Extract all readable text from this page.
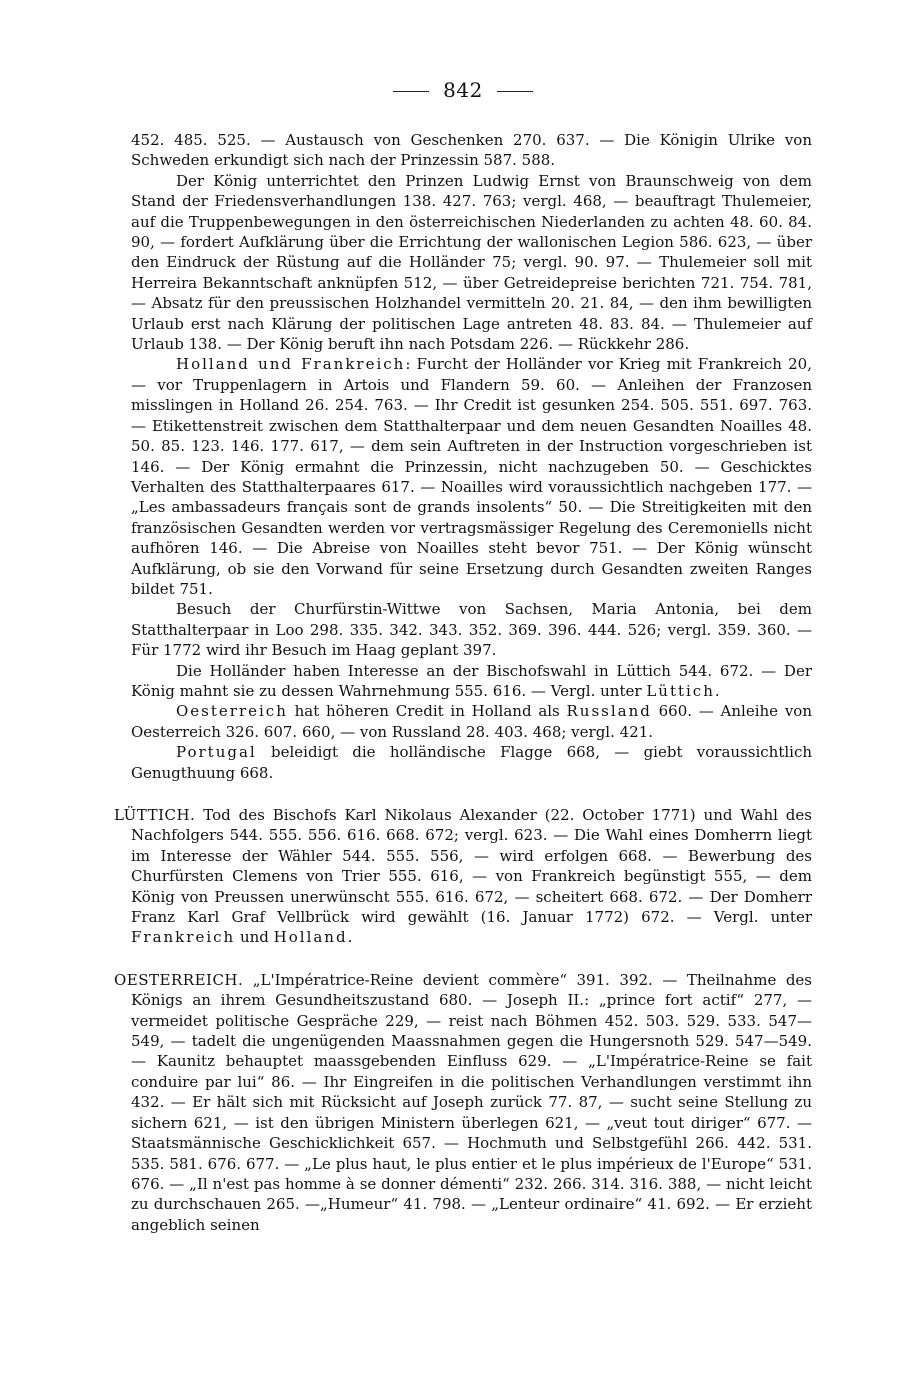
842

452. 485. 525. — Austausch von Geschenken 270. 637. — Die Königin Ulrike von Schweden erkundigt sich nach der Prinzessin 587. 588.

Der König unterrichtet den Prinzen Ludwig Ernst von Braunschweig von dem Stand der Friedensverhandlungen 138. 427. 763; vergl. 468, — beauftragt Thulemeier, auf die Truppenbewegungen in den österreichischen Niederlanden zu achten 48. 60. 84. 90, — fordert Aufklärung über die Errichtung der wallonischen Legion 586. 623, — über den Eindruck der Rüstung auf die Holländer 75; vergl. 90. 97. — Thulemeier soll mit Herreira Bekanntschaft anknüpfen 512, — über Getreidepreise berichten 721. 754. 781, — Absatz für den preussischen Holzhandel vermitteln 20. 21. 84, — den ihm bewilligten Urlaub erst nach Klärung der politischen Lage antreten 48. 83. 84. — Thulemeier auf Urlaub 138. — Der König beruft ihn nach Potsdam 226. — Rückkehr 286.

Holland und Frankreich: Furcht der Holländer vor Krieg mit Frankreich 20, — vor Truppenlagern in Artois und Flandern 59. 60. — Anleihen der Franzosen misslingen in Holland 26. 254. 763. — Ihr Credit ist gesunken 254. 505. 551. 697. 763. — Etikettenstreit zwischen dem Statthalterpaar und dem neuen Gesandten Noailles 48. 50. 85. 123. 146. 177. 617, — dem sein Auftreten in der Instruction vorgeschrieben ist 146. — Der König ermahnt die Prinzessin, nicht nachzugeben 50. — Geschicktes Verhalten des Statthalterpaares 617. — Noailles wird voraussichtlich nachgeben 177. — „Les ambassadeurs français sont de grands insolents“ 50. — Die Streitigkeiten mit den französischen Gesandten werden vor vertragsmässiger Regelung des Ceremoniells nicht aufhören 146. — Die Abreise von Noailles steht bevor 751. — Der König wünscht Aufklärung, ob sie den Vorwand für seine Ersetzung durch Gesandten zweiten Ranges bildet 751.

Besuch der Churfürstin-Wittwe von Sachsen, Maria Antonia, bei dem Statthalterpaar in Loo 298. 335. 342. 343. 352. 369. 396. 444. 526; vergl. 359. 360. — Für 1772 wird ihr Besuch im Haag geplant 397.

Die Holländer haben Interesse an der Bischofswahl in Lüttich 544. 672. — Der König mahnt sie zu dessen Wahrnehmung 555. 616. — Vergl. unter Lüttich.

Oesterreich hat höheren Credit in Holland als Russland 660. — Anleihe von Oesterreich 326. 607. 660, — von Russland 28. 403. 468; vergl. 421.

Portugal beleidigt die holländische Flagge 668, — giebt voraussichtlich Genugthuung 668.

LÜTTICH. Tod des Bischofs Karl Nikolaus Alexander (22. October 1771) und Wahl des Nachfolgers 544. 555. 556. 616. 668. 672; vergl. 623. — Die Wahl eines Domherrn liegt im Interesse der Wähler 544. 555. 556, — wird erfolgen 668. — Bewerbung des Churfürsten Clemens von Trier 555. 616, — von Frankreich begünstigt 555, — dem König von Preussen unerwünscht 555. 616. 672, — scheitert 668. 672. — Der Domherr Franz Karl Graf Vellbrück wird gewählt (16. Januar 1772) 672. — Vergl. unter Frankreich und Holland.

OESTERREICH. „L'Impératrice-Reine devient commère“ 391. 392. — Theilnahme des Königs an ihrem Gesundheitszustand 680. — Joseph II.: „prince fort actif“ 277, — vermeidet politische Gespräche 229, — reist nach Böhmen 452. 503. 529. 533. 547—549, — tadelt die ungenügenden Maassnahmen gegen die Hungersnoth 529. 547—549. — Kaunitz behauptet maassgebenden Einfluss 629. — „L'Impératrice-Reine se fait conduire par lui“ 86. — Ihr Eingreifen in die politischen Verhandlungen verstimmt ihn 432. — Er hält sich mit Rücksicht auf Joseph zurück 77. 87, — sucht seine Stellung zu sichern 621, — ist den übrigen Ministern überlegen 621, — „veut tout diriger“ 677. — Staatsmännische Geschicklichkeit 657. — Hochmuth und Selbstgefühl 266. 442. 531. 535. 581. 676. 677. — „Le plus haut, le plus entier et le plus impérieux de l'Europe“ 531. 676. — „Il n'est pas homme à se donner démenti“ 232. 266. 314. 316. 388, — nicht leicht zu durchschauen 265. —„Humeur“ 41. 798. — „Lenteur ordinaire“ 41. 692. — Er erzieht angeblich seinen
